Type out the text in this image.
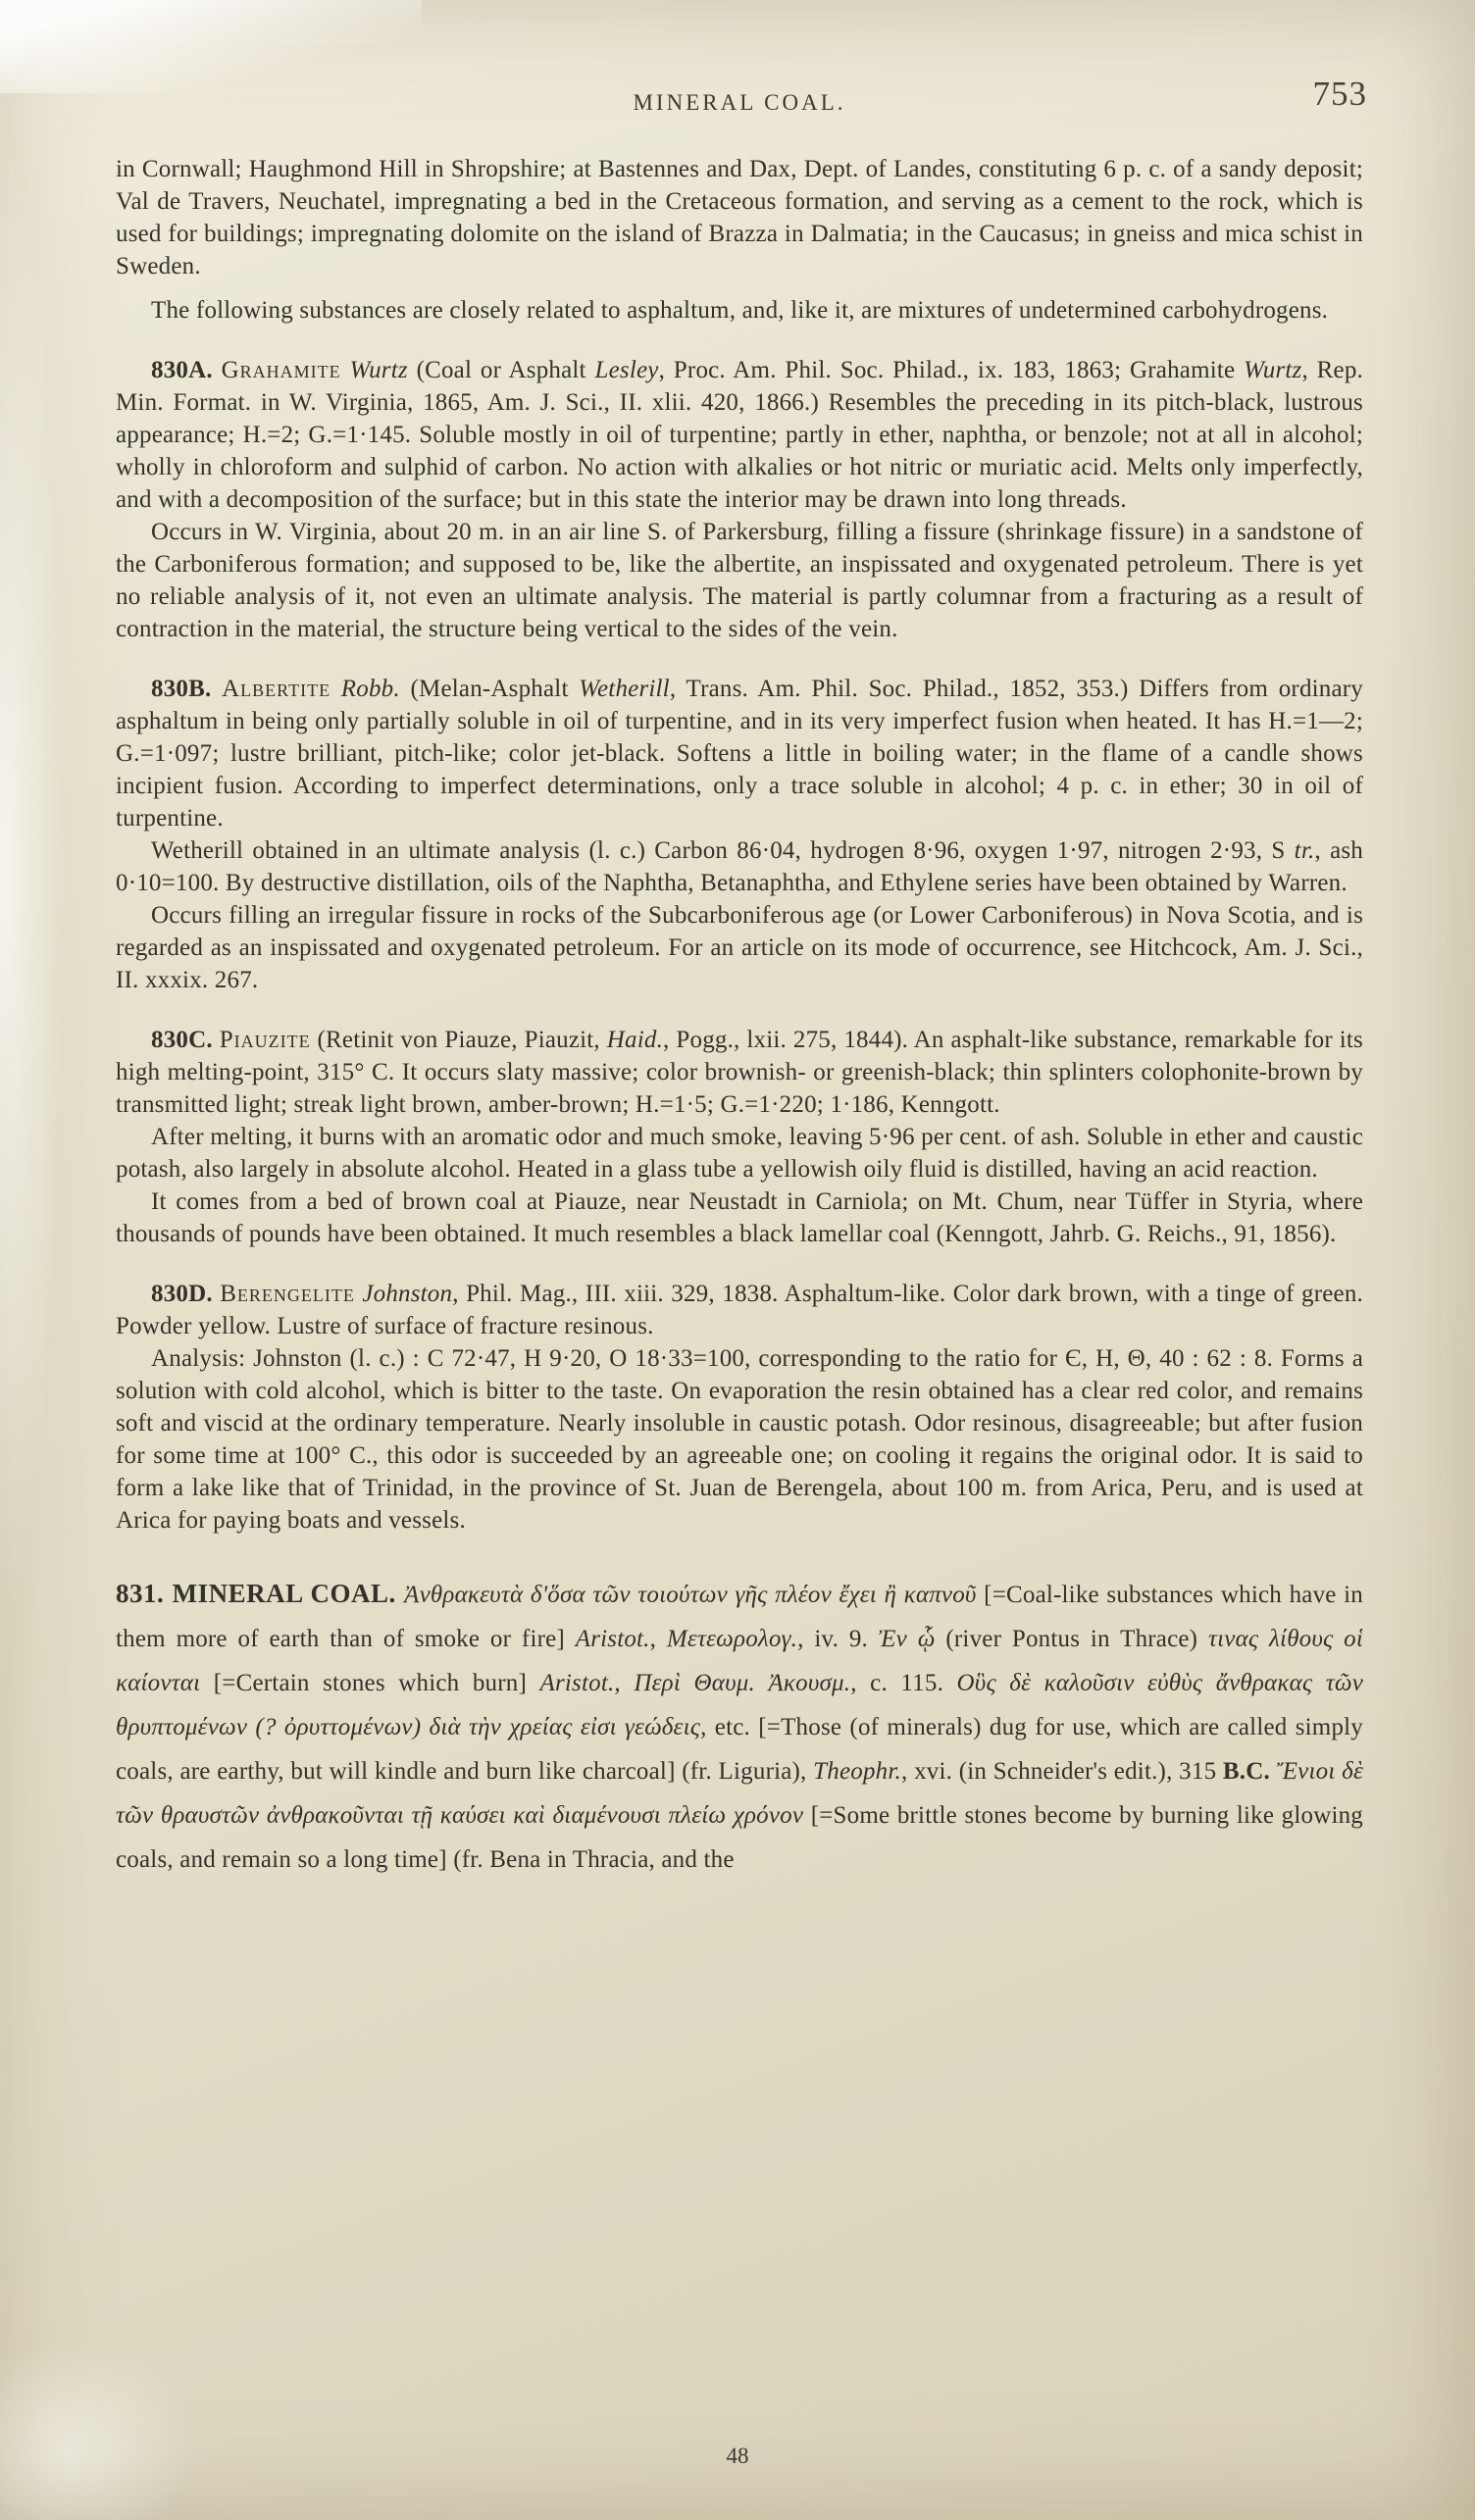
MINERAL COAL.	753

in Cornwall; Haughmond Hill in Shropshire; at Bastennes and Dax, Dept. of Landes, constituting 6 p. c. of a sandy deposit; Val de Travers, Neuchatel, impregnating a bed in the Cretaceous formation, and serving as a cement to the rock, which is used for buildings; impregnating dolomite on the island of Brazza in Dalmatia; in the Caucasus; in gneiss and mica schist in Sweden.

The following substances are closely related to asphaltum, and, like it, are mixtures of undetermined carbohydrogens.

830A. Grahamite Wurtz (Coal or Asphalt Lesley, Proc. Am. Phil. Soc. Philad., ix. 183, 1863; Grahamite Wurtz, Rep. Min. Format. in W. Virginia, 1865, Am. J. Sci., II. xlii. 420, 1866.) Resembles the preceding in its pitch-black, lustrous appearance; H.=2; G.=1·145. Soluble mostly in oil of turpentine; partly in ether, naphtha, or benzole; not at all in alcohol; wholly in chloroform and sulphid of carbon. No action with alkalies or hot nitric or muriatic acid. Melts only imperfectly, and with a decomposition of the surface; but in this state the interior may be drawn into long threads.

Occurs in W. Virginia, about 20 m. in an air line S. of Parkersburg, filling a fissure (shrinkage fissure) in a sandstone of the Carboniferous formation; and supposed to be, like the albertite, an inspissated and oxygenated petroleum. There is yet no reliable analysis of it, not even an ultimate analysis. The material is partly columnar from a fracturing as a result of contraction in the material, the structure being vertical to the sides of the vein.

830B. Albertite Robb. (Melan-Asphalt Wetherill, Trans. Am. Phil. Soc. Philad., 1852, 353.) Differs from ordinary asphaltum in being only partially soluble in oil of turpentine, and in its very imperfect fusion when heated. It has H.=1—2; G.=1·097; lustre brilliant, pitch-like; color jet-black. Softens a little in boiling water; in the flame of a candle shows incipient fusion. According to imperfect determinations, only a trace soluble in alcohol; 4 p. c. in ether; 30 in oil of turpentine.

Wetherill obtained in an ultimate analysis (l. c.) Carbon 86·04, hydrogen 8·96, oxygen 1·97, nitrogen 2·93, S tr., ash 0·10=100. By destructive distillation, oils of the Naphtha, Betanaphtha, and Ethylene series have been obtained by Warren.

Occurs filling an irregular fissure in rocks of the Subcarboniferous age (or Lower Carboniferous) in Nova Scotia, and is regarded as an inspissated and oxygenated petroleum. For an article on its mode of occurrence, see Hitchcock, Am. J. Sci., II. xxxix. 267.

830C. Piauzite (Retinit von Piauze, Piauzit, Haid., Pogg., lxii. 275, 1844). An asphalt-like substance, remarkable for its high melting-point, 315° C. It occurs slaty massive; color brownish- or greenish-black; thin splinters colophonite-brown by transmitted light; streak light brown, amber-brown; H.=1·5; G.=1·220; 1·186, Kenngott.

After melting, it burns with an aromatic odor and much smoke, leaving 5·96 per cent. of ash. Soluble in ether and caustic potash, also largely in absolute alcohol. Heated in a glass tube a yellowish oily fluid is distilled, having an acid reaction.

It comes from a bed of brown coal at Piauze, near Neustadt in Carniola; on Mt. Chum, near Tüffer in Styria, where thousands of pounds have been obtained. It much resembles a black lamellar coal (Kenngott, Jahrb. G. Reichs., 91, 1856).

830D. Berengelite Johnston, Phil. Mag., III. xiii. 329, 1838. Asphaltum-like. Color dark brown, with a tinge of green. Powder yellow. Lustre of surface of fracture resinous.

Analysis: Johnston (l. c.) : C 72·47, H 9·20, O 18·33=100, corresponding to the ratio for Є, H, Θ, 40 : 62 : 8. Forms a solution with cold alcohol, which is bitter to the taste. On evaporation the resin obtained has a clear red color, and remains soft and viscid at the ordinary temperature. Nearly insoluble in caustic potash. Odor resinous, disagreeable; but after fusion for some time at 100° C., this odor is succeeded by an agreeable one; on cooling it regains the original odor. It is said to form a lake like that of Trinidad, in the province of St. Juan de Berengela, about 100 m. from Arica, Peru, and is used at Arica for paying boats and vessels.

831. MINERAL COAL. Ἀνθρακευτὰ δ'ὅσα τῶν τοιούτων γῆς πλέον ἔχει ἢ καπνοῦ [=Coal-like substances which have in them more of earth than of smoke or fire] Aristot., Μετεωρολογ., iv. 9. Ἐν ᾧ (river Pontus in Thrace) τινας λίθους οἱ καίονται [=Certain stones which burn] Aristot., Περὶ Θαυμ. Ἀκουσμ., c. 115. Οὓς δὲ καλοῦσιν εὐθὺς ἄνθρακας τῶν θρυπτομένων (? ὀρυττομένων) διὰ τὴν χρείας εἰσι γεώδεις, etc. [=Those (of minerals) dug for use, which are called simply coals, are earthy, but will kindle and burn like charcoal] (fr. Liguria), Theophr., xvi. (in Schneider's edit.), 315 B.C. Ἔνιοι δὲ τῶν θραυστῶν ἀνθρακοῦνται τῇ καύσει καὶ διαμένουσι πλείω χρόνον [=Some brittle stones become by burning like glowing coals, and remain so a long time] (fr. Bena in Thracia, and the

48
